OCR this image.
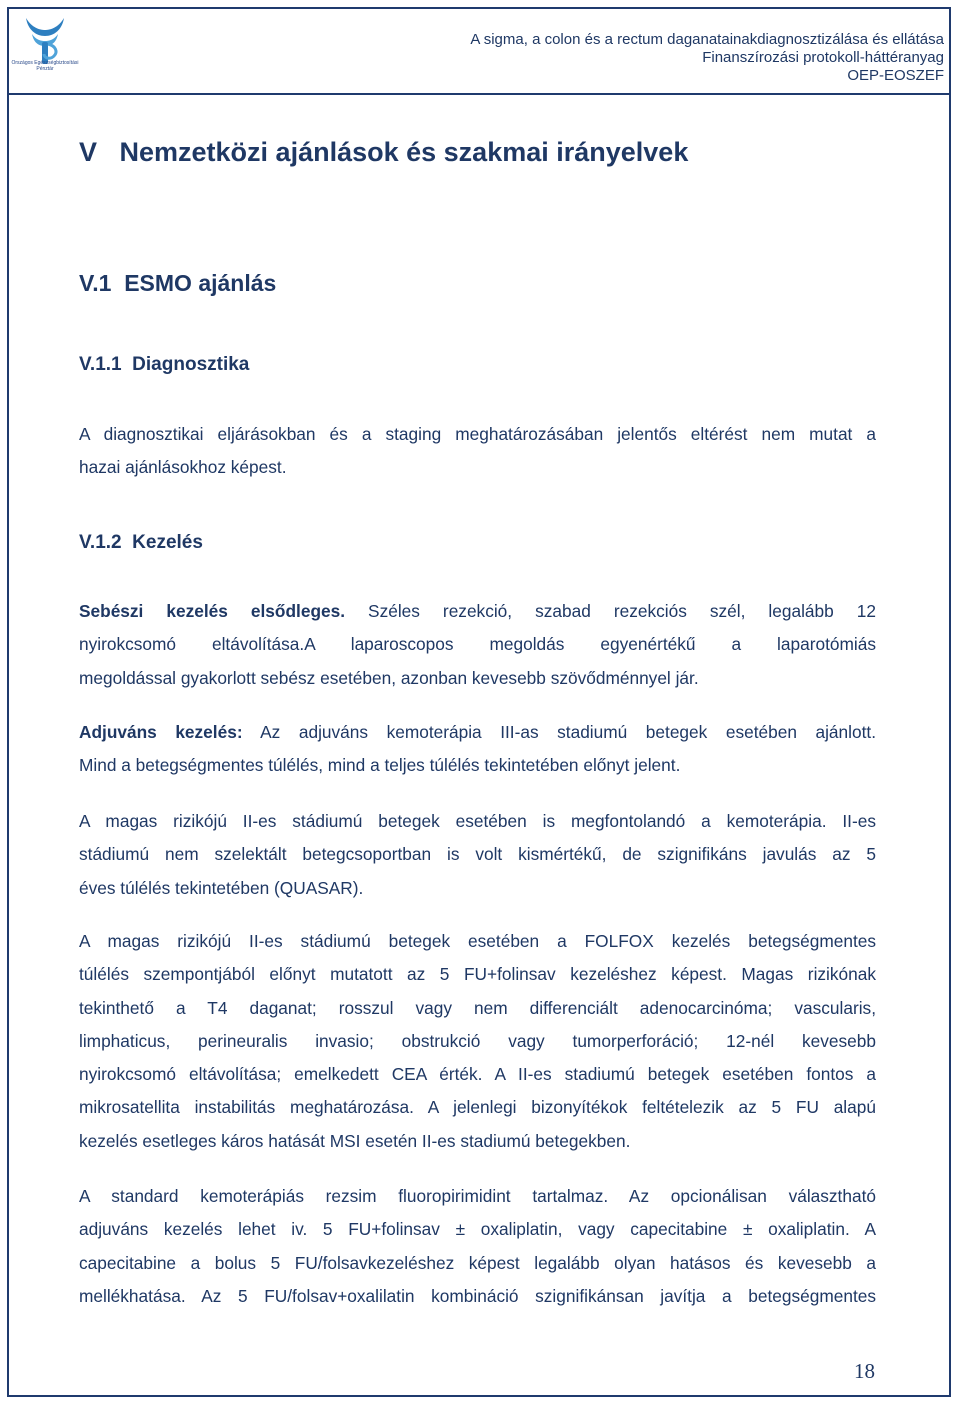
Országos Egészségbiztosítási
Pénztár
A sigma, a colon és a rectum daganatainakdiagnosztizálása és ellátása
Finanszírozási protokoll-háttéranyag
OEP-EOSZEF
V   Nemzetközi ajánlások és szakmai irányelvek
V.1  ESMO ajánlás
V.1.1  Diagnosztika
A diagnosztikai eljárásokban és a staging meghatározásában jelentős eltérést nem mutat a
hazai ajánlásokhoz képest.
V.1.2  Kezelés
Sebészi kezelés elsődleges. Széles rezekció, szabad rezekciós szél, legalább 12
nyirokcsomó eltávolítása.A laparoscopos megoldás egyenértékű a laparotómiás
megoldással gyakorlott sebész esetében, azonban kevesebb szövődménnyel jár.
Adjuváns kezelés: Az adjuváns kemoterápia III-as stadiumú betegek esetében ajánlott.
Mind a betegségmentes túlélés, mind a teljes túlélés tekintetében előnyt jelent.
A magas rizikójú II-es stádiumú betegek esetében is megfontolandó a kemoterápia. II-es
stádiumú nem szelektált betegcsoportban is volt kismértékű, de szignifikáns javulás az 5
éves túlélés tekintetében (QUASAR).
A magas rizikójú II-es stádiumú betegek esetében a FOLFOX kezelés betegségmentes
túlélés szempontjából előnyt mutatott az 5 FU+folinsav kezeléshez képest. Magas rizikónak
tekinthető a T4 daganat; rosszul vagy nem differenciált adenocarcinóma; vascularis,
limphaticus, perineuralis invasio; obstrukció vagy tumorperforáció; 12-nél kevesebb
nyirokcsomó eltávolítása; emelkedett CEA érték. A II-es stadiumú betegek esetében fontos a
mikrosatellita instabilitás meghatározása. A jelenlegi bizonyítékok feltételezik az 5 FU alapú
kezelés esetleges káros hatását MSI esetén II-es stadiumú betegekben.
A standard kemoterápiás rezsim fluoropirimidint tartalmaz. Az opcionálisan választható
adjuváns kezelés lehet iv. 5 FU+folinsav ± oxaliplatin, vagy capecitabine ± oxaliplatin. A
capecitabine a bolus 5 FU/folsavkezeléshez képest legalább olyan hatásos és kevesebb a
mellékhatása. Az 5 FU/folsav+oxalilatin kombináció szignifikánsan javítja a betegségmentes
18
